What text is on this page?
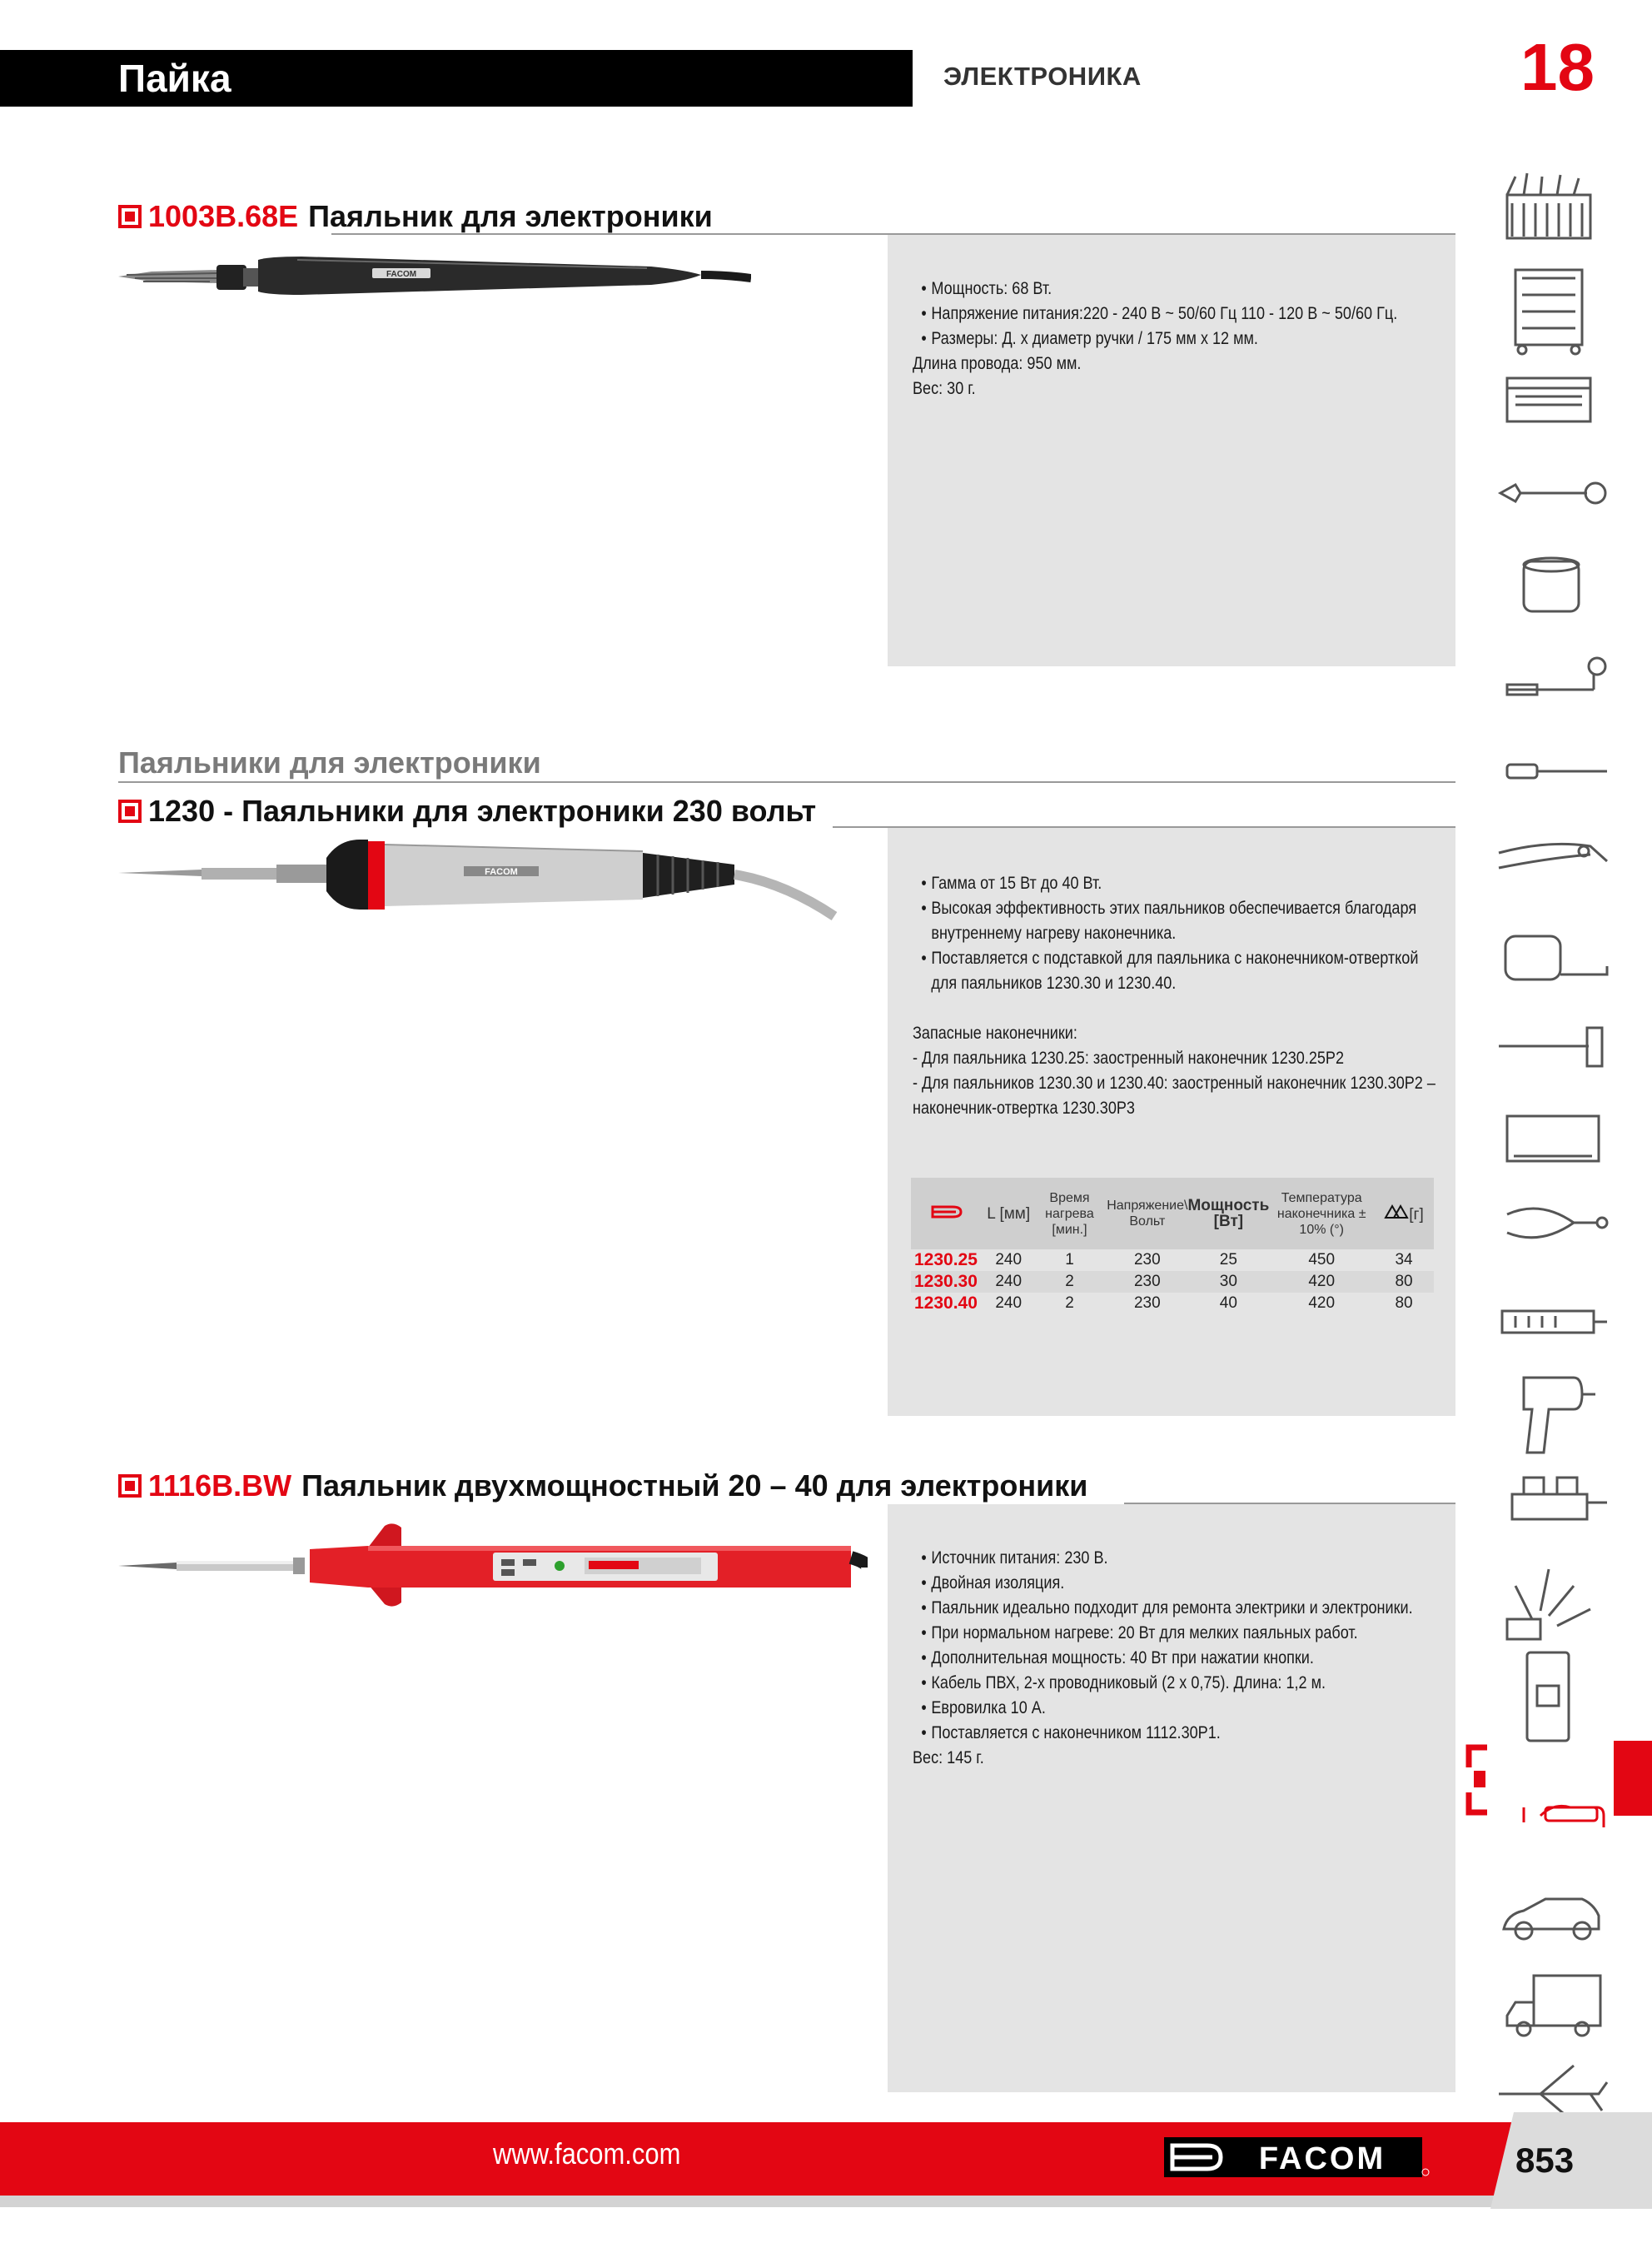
Пайка	ЭЛЕКТРОНИКА	18
1003B.68E Паяльник для электроники
• Мощность: 68 Вт.
• Напряжение питания:220 - 240 В ~ 50/60 Гц 110 - 120 В ~ 50/60 Гц.
• Размеры: Д. х диаметр ручки / 175 мм х 12 мм.
Длина провода: 950 мм.
Вес: 30 г.
FACOM
Паяльники для электроники
1230 - Паяльники для электроники 230 вольт
• Гамма от 15 Вт до 40 Вт.
• Высокая эффективность этих паяльников обеспечивается благодаря внутреннему нагреву наконечника.
• Поставляется с подставкой для паяльника с наконечником-отверткой для паяльников 1230.30 и 1230.40.
Запасные наконечники:
- Для паяльника 1230.25: заостренный наконечник 1230.25P2
- Для паяльников 1230.30 и 1230.40: заостренный наконечник 1230.30P2 – наконечник-отвертка 1230.30P3
FACOM
	L [мм]	Время нагрева [мин.]	Напряжение\ Вольт	Мощность [Вт]	Температура наконечника ± 10% (°)	[г]
1230.25	240	1	230	25	450	34
1230.30	240	2	230	30	420	80
1230.40	240	2	230	40	420	80
1116B.BW Паяльник двухмощностный 20 – 40 для электроники
• Источник питания: 230 В.
• Двойная изоляция.
• Паяльник идеально подходит для ремонта электрики и электроники.
• При нормальном нагреве: 20 Вт для мелких паяльных работ.
• Дополнительная мощность: 40 Вт при нажатии кнопки.
• Кабель ПВХ, 2-х проводниковый (2 х 0,75). Длина: 1,2 м.
• Евровилка 10 А.
• Поставляется с наконечником 1112.30P1.
Вес: 145 г.
www.facom.com	FACOM	853
